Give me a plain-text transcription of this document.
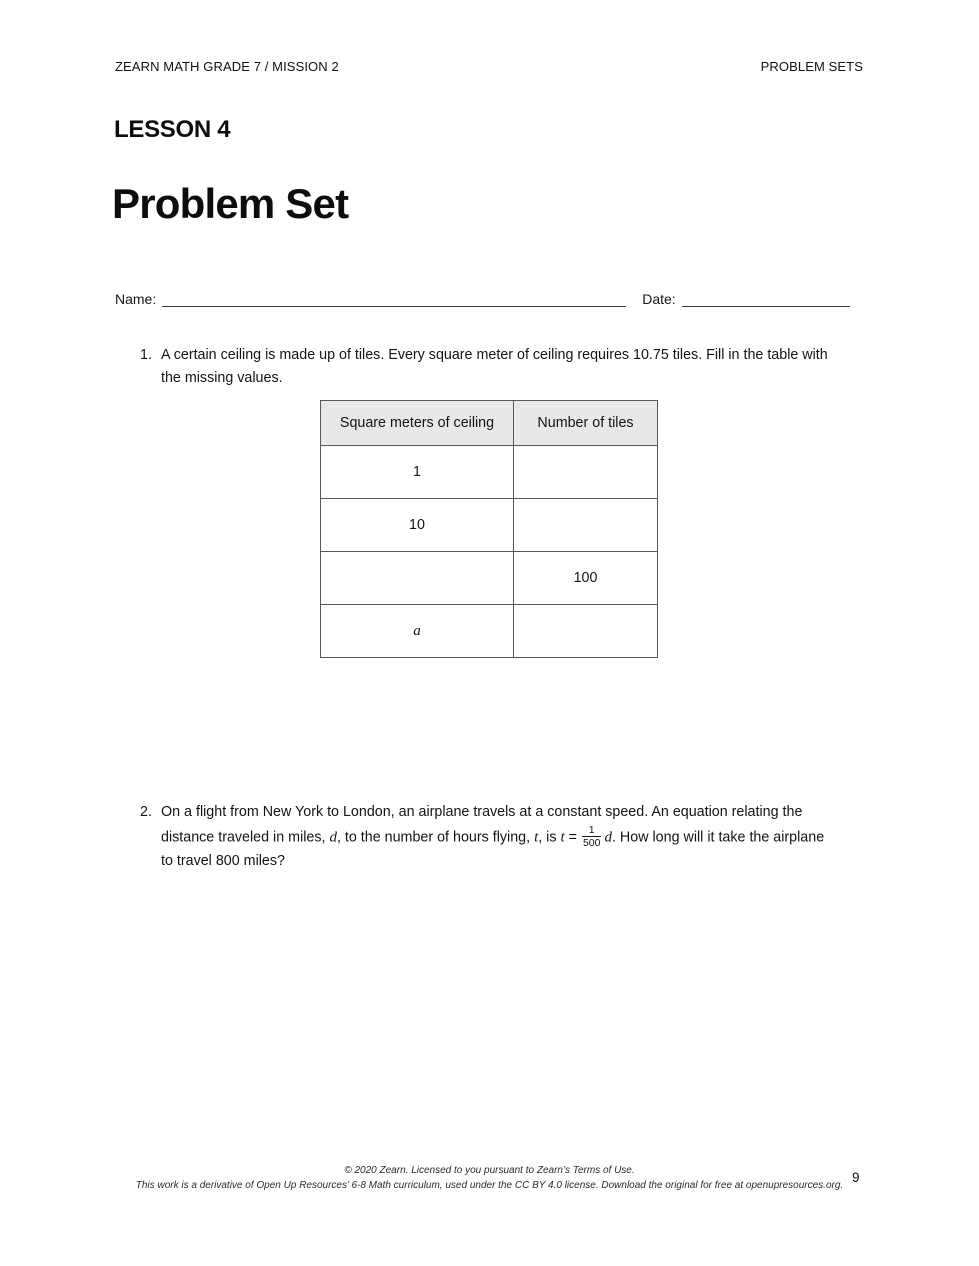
ZEARN MATH GRADE 7 / MISSION 2	PROBLEM SETS
LESSON 4
Problem Set
Name:	Date:
1. A certain ceiling is made up of tiles. Every square meter of ceiling requires 10.75 tiles. Fill in the table with
the missing values.
Square meters of ceiling	Number of tiles
1	
10	
	100
a	
2. On a flight from New York to London, an airplane travels at a constant speed. An equation relating the
distance traveled in miles, d, to the number of hours flying, t, is $t = \frac{1}{500} d$. How long will it take the airplane
to travel 800 miles?
© 2020 Zearn. Licensed to you pursuant to Zearn’s Terms of Use.
This work is a derivative of Open Up Resources’ 6-8 Math curriculum, used under the CC BY 4.0 license. Download the original for free at openupresources.org. 9
